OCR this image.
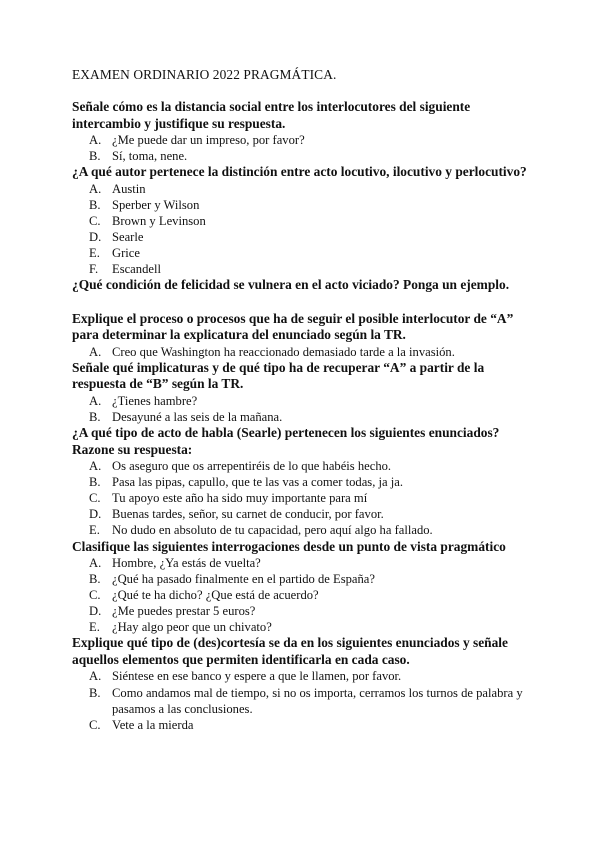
EXAMEN ORDINARIO 2022 PRAGMÁTICA.

Señale cómo es la distancia social entre los interlocutores del siguiente intercambio y justifique su respuesta.

A. ¿Me puede dar un impreso, por favor?
B. Sí, toma, nene.

¿A qué autor pertenece la distinción entre acto locutivo, ilocutivo y perlocutivo?

A. Austin
B. Sperber y Wilson
C. Brown y Levinson
D. Searle
E. Grice
F. Escandell

¿Qué condición de felicidad se vulnera en el acto viciado? Ponga un ejemplo.

Explique el proceso o procesos que ha de seguir el posible interlocutor de “A” para determinar la explicatura del enunciado según la TR.

A. Creo que Washington ha reaccionado demasiado tarde a la invasión.

Señale qué implicaturas y de qué tipo ha de recuperar “A” a partir de la respuesta de “B” según la TR.

A. ¿Tienes hambre?
B. Desayuné a las seis de la mañana.

¿A qué tipo de acto de habla (Searle) pertenecen los siguientes enunciados? Razone su respuesta:

A. Os aseguro que os arrepentiréis de lo que habéis hecho.
B. Pasa las pipas, capullo, que te las vas a comer todas, ja ja.
C. Tu apoyo este año ha sido muy importante para mí
D. Buenas tardes, señor, su carnet de conducir, por favor.
E. No dudo en absoluto de tu capacidad, pero aquí algo ha fallado.

Clasifique las siguientes interrogaciones desde un punto de vista pragmático

A. Hombre, ¿Ya estás de vuelta?
B. ¿Qué ha pasado finalmente en el partido de España?
C. ¿Qué te ha dicho? ¿Que está de acuerdo?
D. ¿Me puedes prestar 5 euros?
E. ¿Hay algo peor que un chivato?

Explique qué tipo de (des)cortesía se da en los siguientes enunciados y señale aquellos elementos que permiten identificarla en cada caso.

A. Siéntese en ese banco y espere a que le llamen, por favor.
B. Como andamos mal de tiempo, si no os importa, cerramos los turnos de palabra y pasamos a las conclusiones.
C. Vete a la mierda
